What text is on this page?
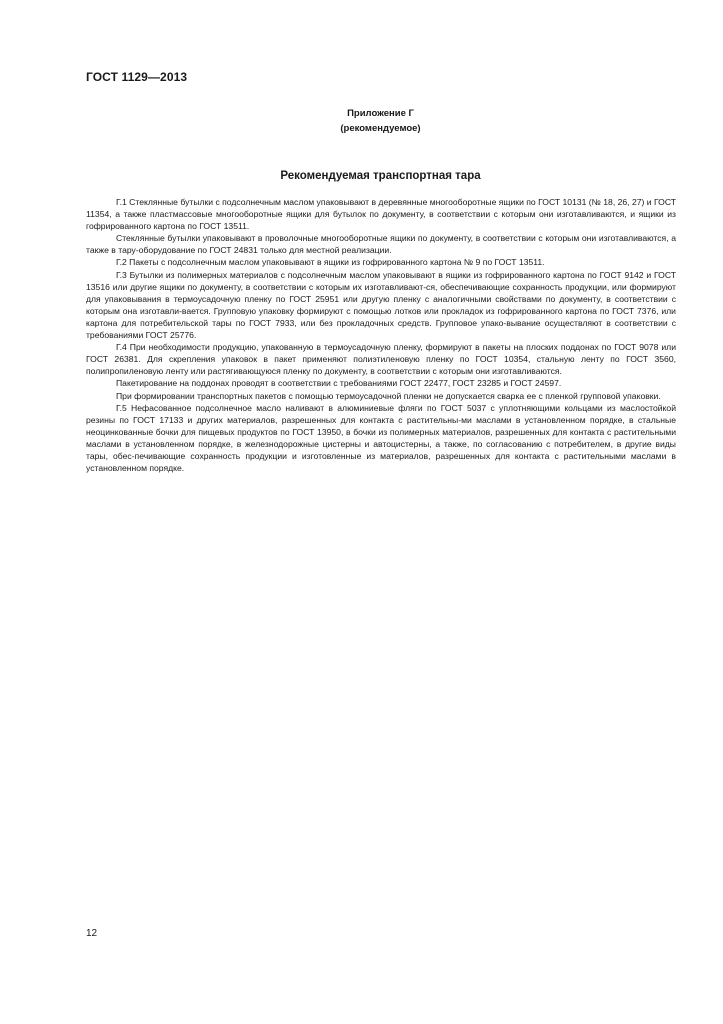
ГОСТ 1129—2013
Приложение Г
(рекомендуемое)
Рекомендуемая транспортная тара

Г.1 Стеклянные бутылки с подсолнечным маслом упаковывают в деревянные многооборотные ящики по ГОСТ 10131 (№ 18, 26, 27) и ГОСТ 11354, а также пластмассовые многооборотные ящики для бутылок по документу, в соответствии с которым они изготавливаются, и ящики из гофрированного картона по ГОСТ 13511.

Стеклянные бутылки упаковывают в проволочные многооборотные ящики по документу, в соответствии с которым они изготавливаются, а также в тару-оборудование по ГОСТ 24831 только для местной реализации.

Г.2 Пакеты с подсолнечным маслом упаковывают в ящики из гофрированного картона № 9 по ГОСТ 13511.

Г.3 Бутылки из полимерных материалов с подсолнечным маслом упаковывают в ящики из гофрированного картона по ГОСТ 9142 и ГОСТ 13516 или другие ящики по документу, в соответствии с которым их изготавливают-ся, обеспечивающие сохранность продукции, или формируют для упаковывания в термоусадочную пленку по ГОСТ 25951 или другую пленку с аналогичными свойствами по документу, в соответствии с которым она изготавли-вается. Групповую упаковку формируют с помощью лотков или прокладок из гофрированного картона по ГОСТ 7376, или картона для потребительской тары по ГОСТ 7933, или без прокладочных средств. Групповое упако-вывание осуществляют в соответствии с требованиями ГОСТ 25776.

Г.4 При необходимости продукцию, упакованную в термоусадочную пленку, формируют в пакеты на плоских поддонах по ГОСТ 9078 или ГОСТ 26381. Для скрепления упаковок в пакет применяют полиэтиленовую пленку по ГОСТ 10354, стальную ленту по ГОСТ 3560, полипропиленовую ленту или растягивающуюся пленку по документу, в соответствии с которым они изготавливаются.

Пакетирование на поддонах проводят в соответствии с требованиями ГОСТ 22477, ГОСТ 23285 и ГОСТ 24597.

При формировании транспортных пакетов с помощью термоусадочной пленки не допускается сварка ее с пленкой групповой упаковки.

Г.5 Нефасованное подсолнечное масло наливают в алюминиевые фляги по ГОСТ 5037 с уплотняющими кольцами из маслостойкой резины по ГОСТ 17133 и других материалов, разрешенных для контакта с растительны-ми маслами в установленном порядке, в стальные неоцинкованные бочки для пищевых продуктов по ГОСТ 13950, в бочки из полимерных материалов, разрешенных для контакта с растительными маслами в установленном порядке, в железнодорожные цистерны и автоцистерны, а также, по согласованию с потребителем, в другие виды тары, обес-печивающие сохранность продукции и изготовленные из материалов, разрешенных для контакта с растительными маслами в установленном порядке.

12
